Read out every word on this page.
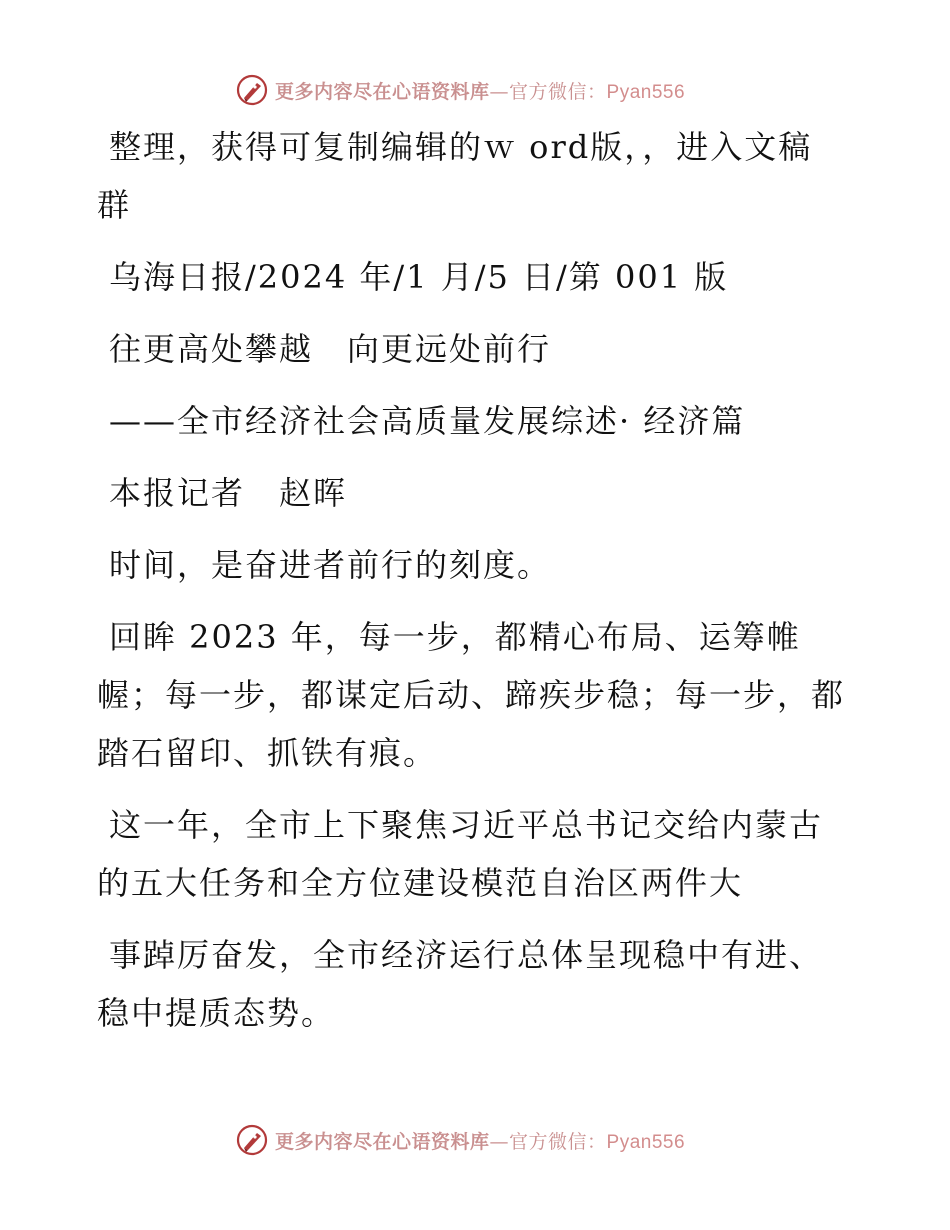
更多内容尽在心语资料库—官方微信：Pyan556

整理，获得可复制编辑的ｗ ord版，，进入文稿
群

乌海日报/2024 年/1 月/5 日/第 001 版

往更高处攀越　向更远处前行

——全市经济社会高质量发展综述· 经济篇

本报记者　赵晖

时间，是奋进者前行的刻度。

回眸 2023 年，每一步，都精心布局、运筹帷
幄；每一步，都谋定后动、蹄疾步稳；每一步，都
踏石留印、抓铁有痕。

这一年，全市上下聚焦习近平总书记交给内蒙古
的五大任务和全方位建设模范自治区两件大

事踔厉奋发，全市经济运行总体呈现稳中有进、
稳中提质态势。

更多内容尽在心语资料库—官方微信：Pyan556
